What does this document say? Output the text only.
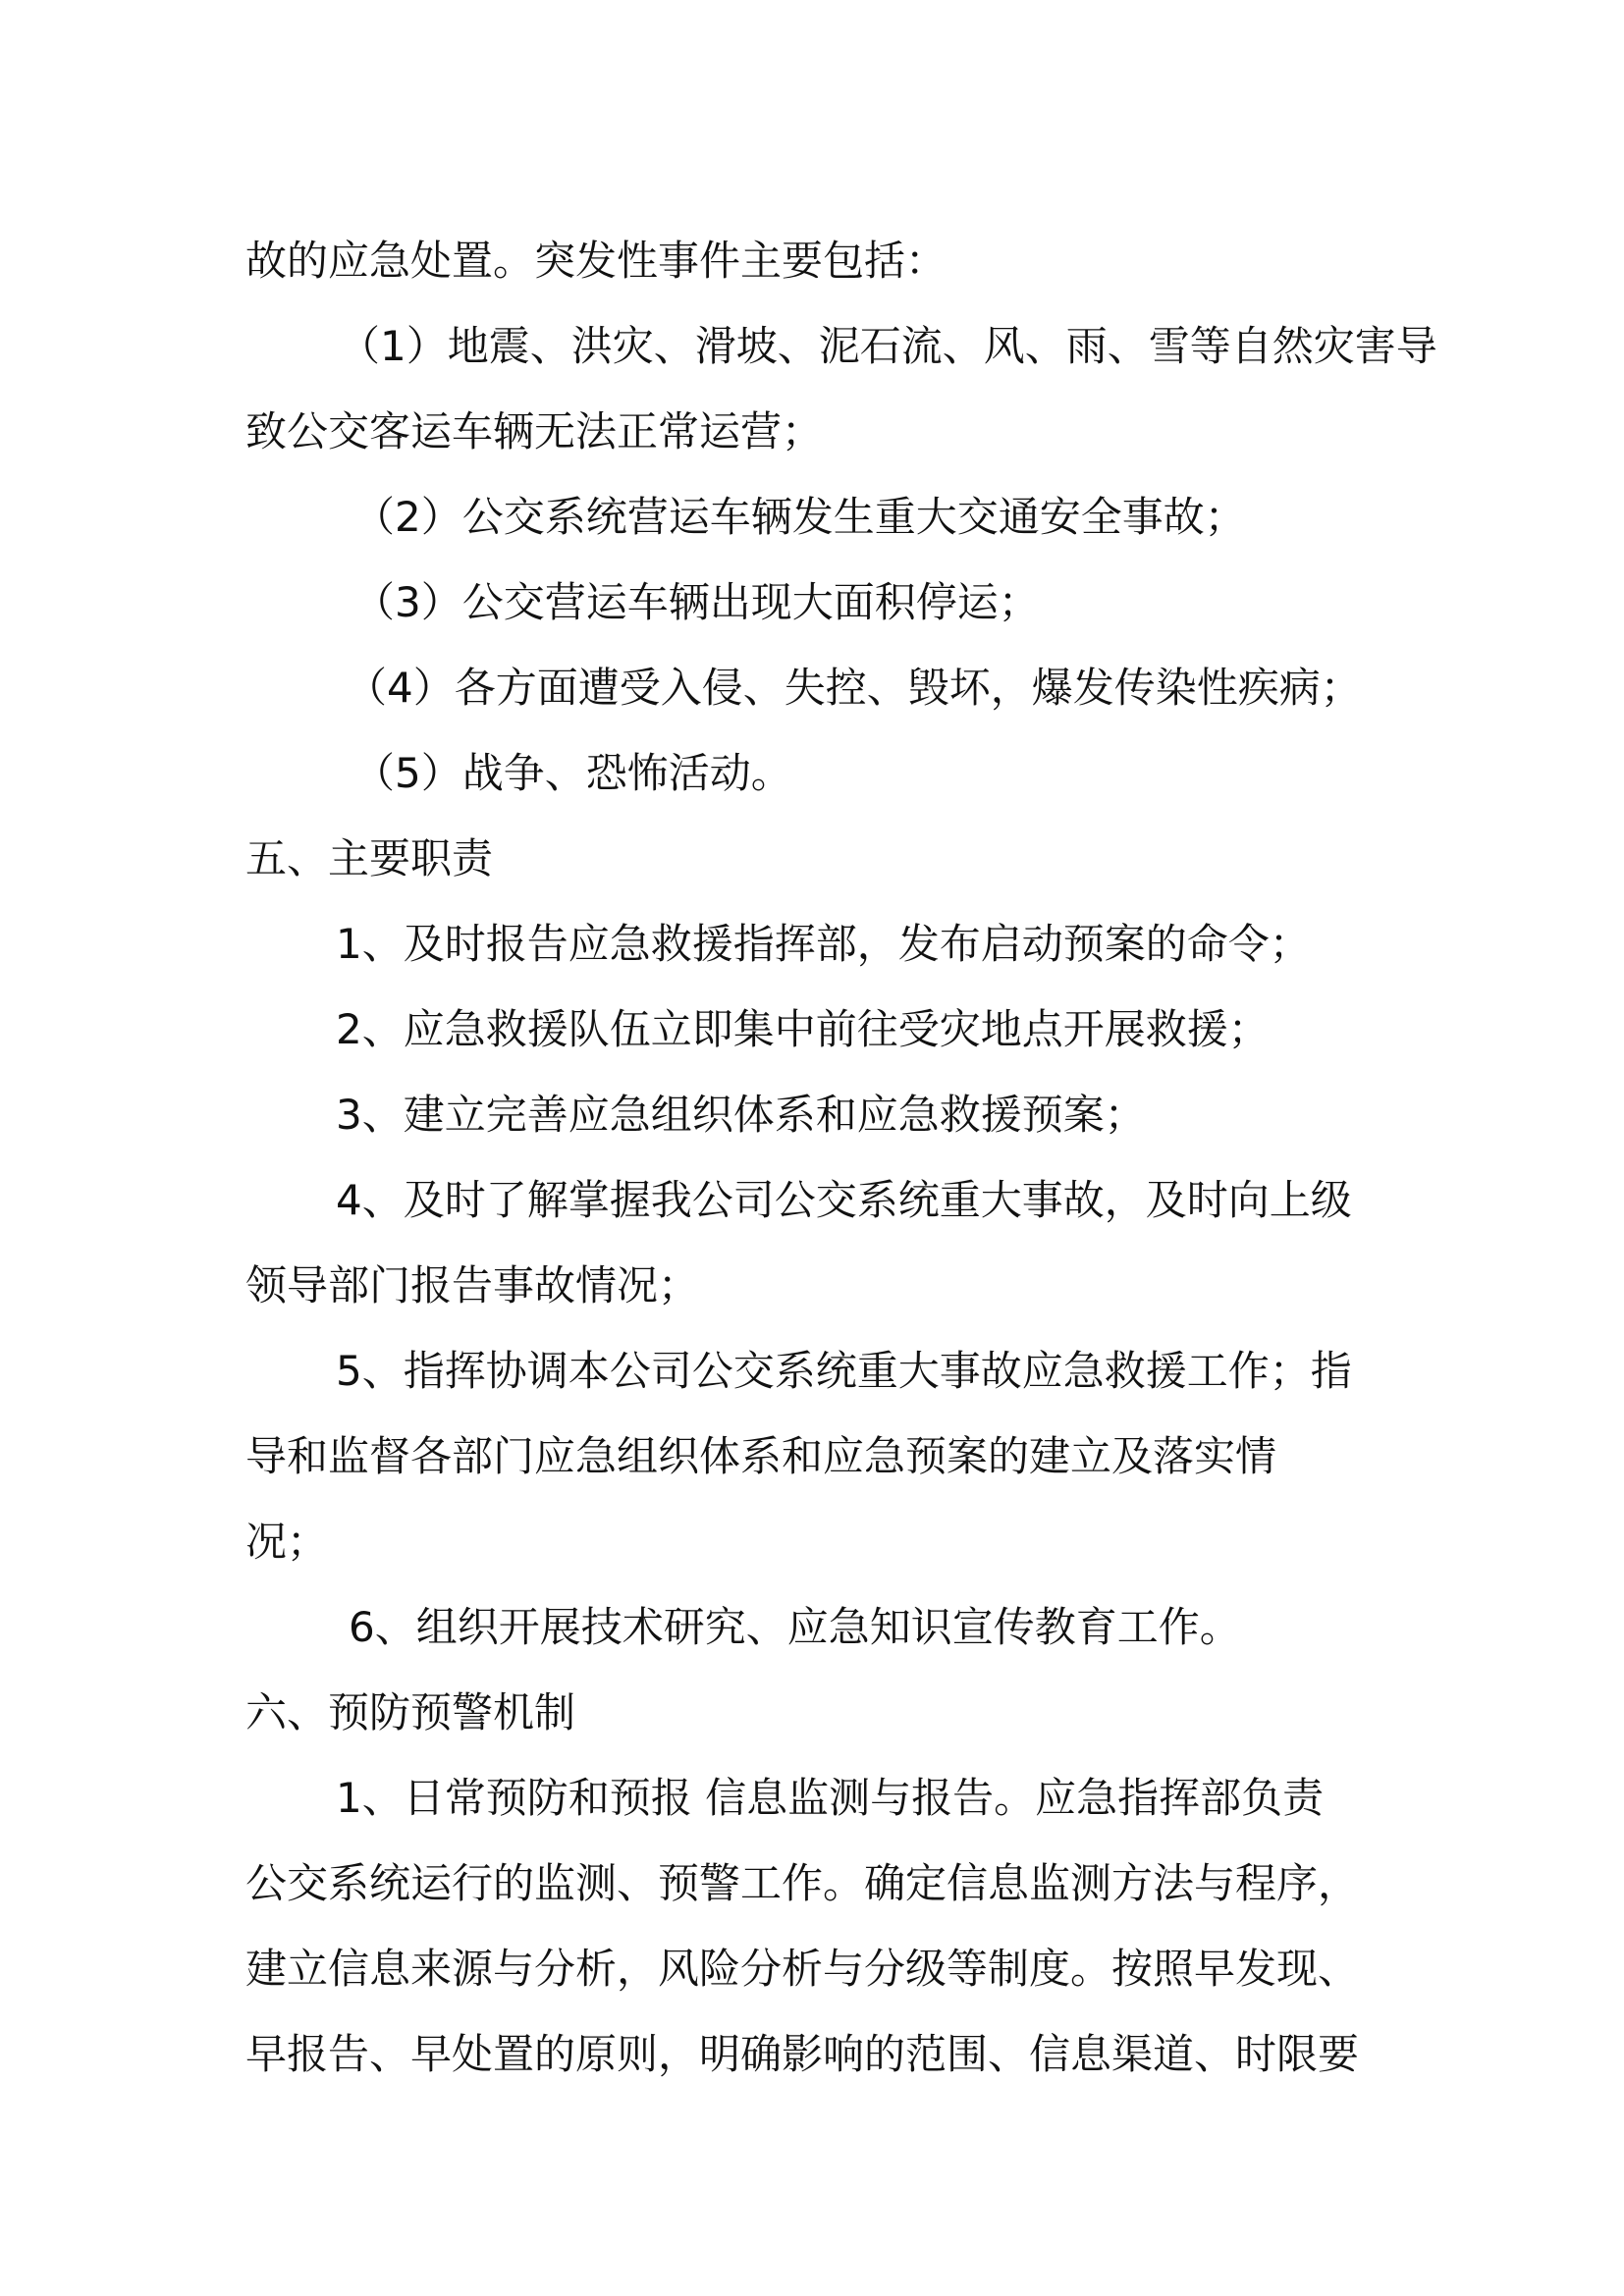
故的应急处置。突发性事件主要包括：
（1）地震、洪灾、滑坡、泥石流、风、雨、雪等自然灾害导
致公交客运车辆无法正常运营；
（2）公交系统营运车辆发生重大交通安全事故；
（3）公交营运车辆出现大面积停运；
（4）各方面遭受入侵、失控、毁坏，爆发传染性疾病；
（5）战争、恐怖活动。
五、主要职责
1、及时报告应急救援指挥部，发布启动预案的命令；
2、应急救援队伍立即集中前往受灾地点开展救援；
3、建立完善应急组织体系和应急救援预案；
4、及时了解掌握我公司公交系统重大事故，及时向上级
领导部门报告事故情况；
5、指挥协调本公司公交系统重大事故应急救援工作；指
导和监督各部门应急组织体系和应急预案的建立及落实情
况；
6、组织开展技术研究、应急知识宣传教育工作。
六、预防预警机制
1、日常预防和预报 信息监测与报告。应急指挥部负责
公交系统运行的监测、预警工作。确定信息监测方法与程序，
建立信息来源与分析，风险分析与分级等制度。按照早发现、
早报告、早处置的原则，明确影响的范围、信息渠道、时限要
